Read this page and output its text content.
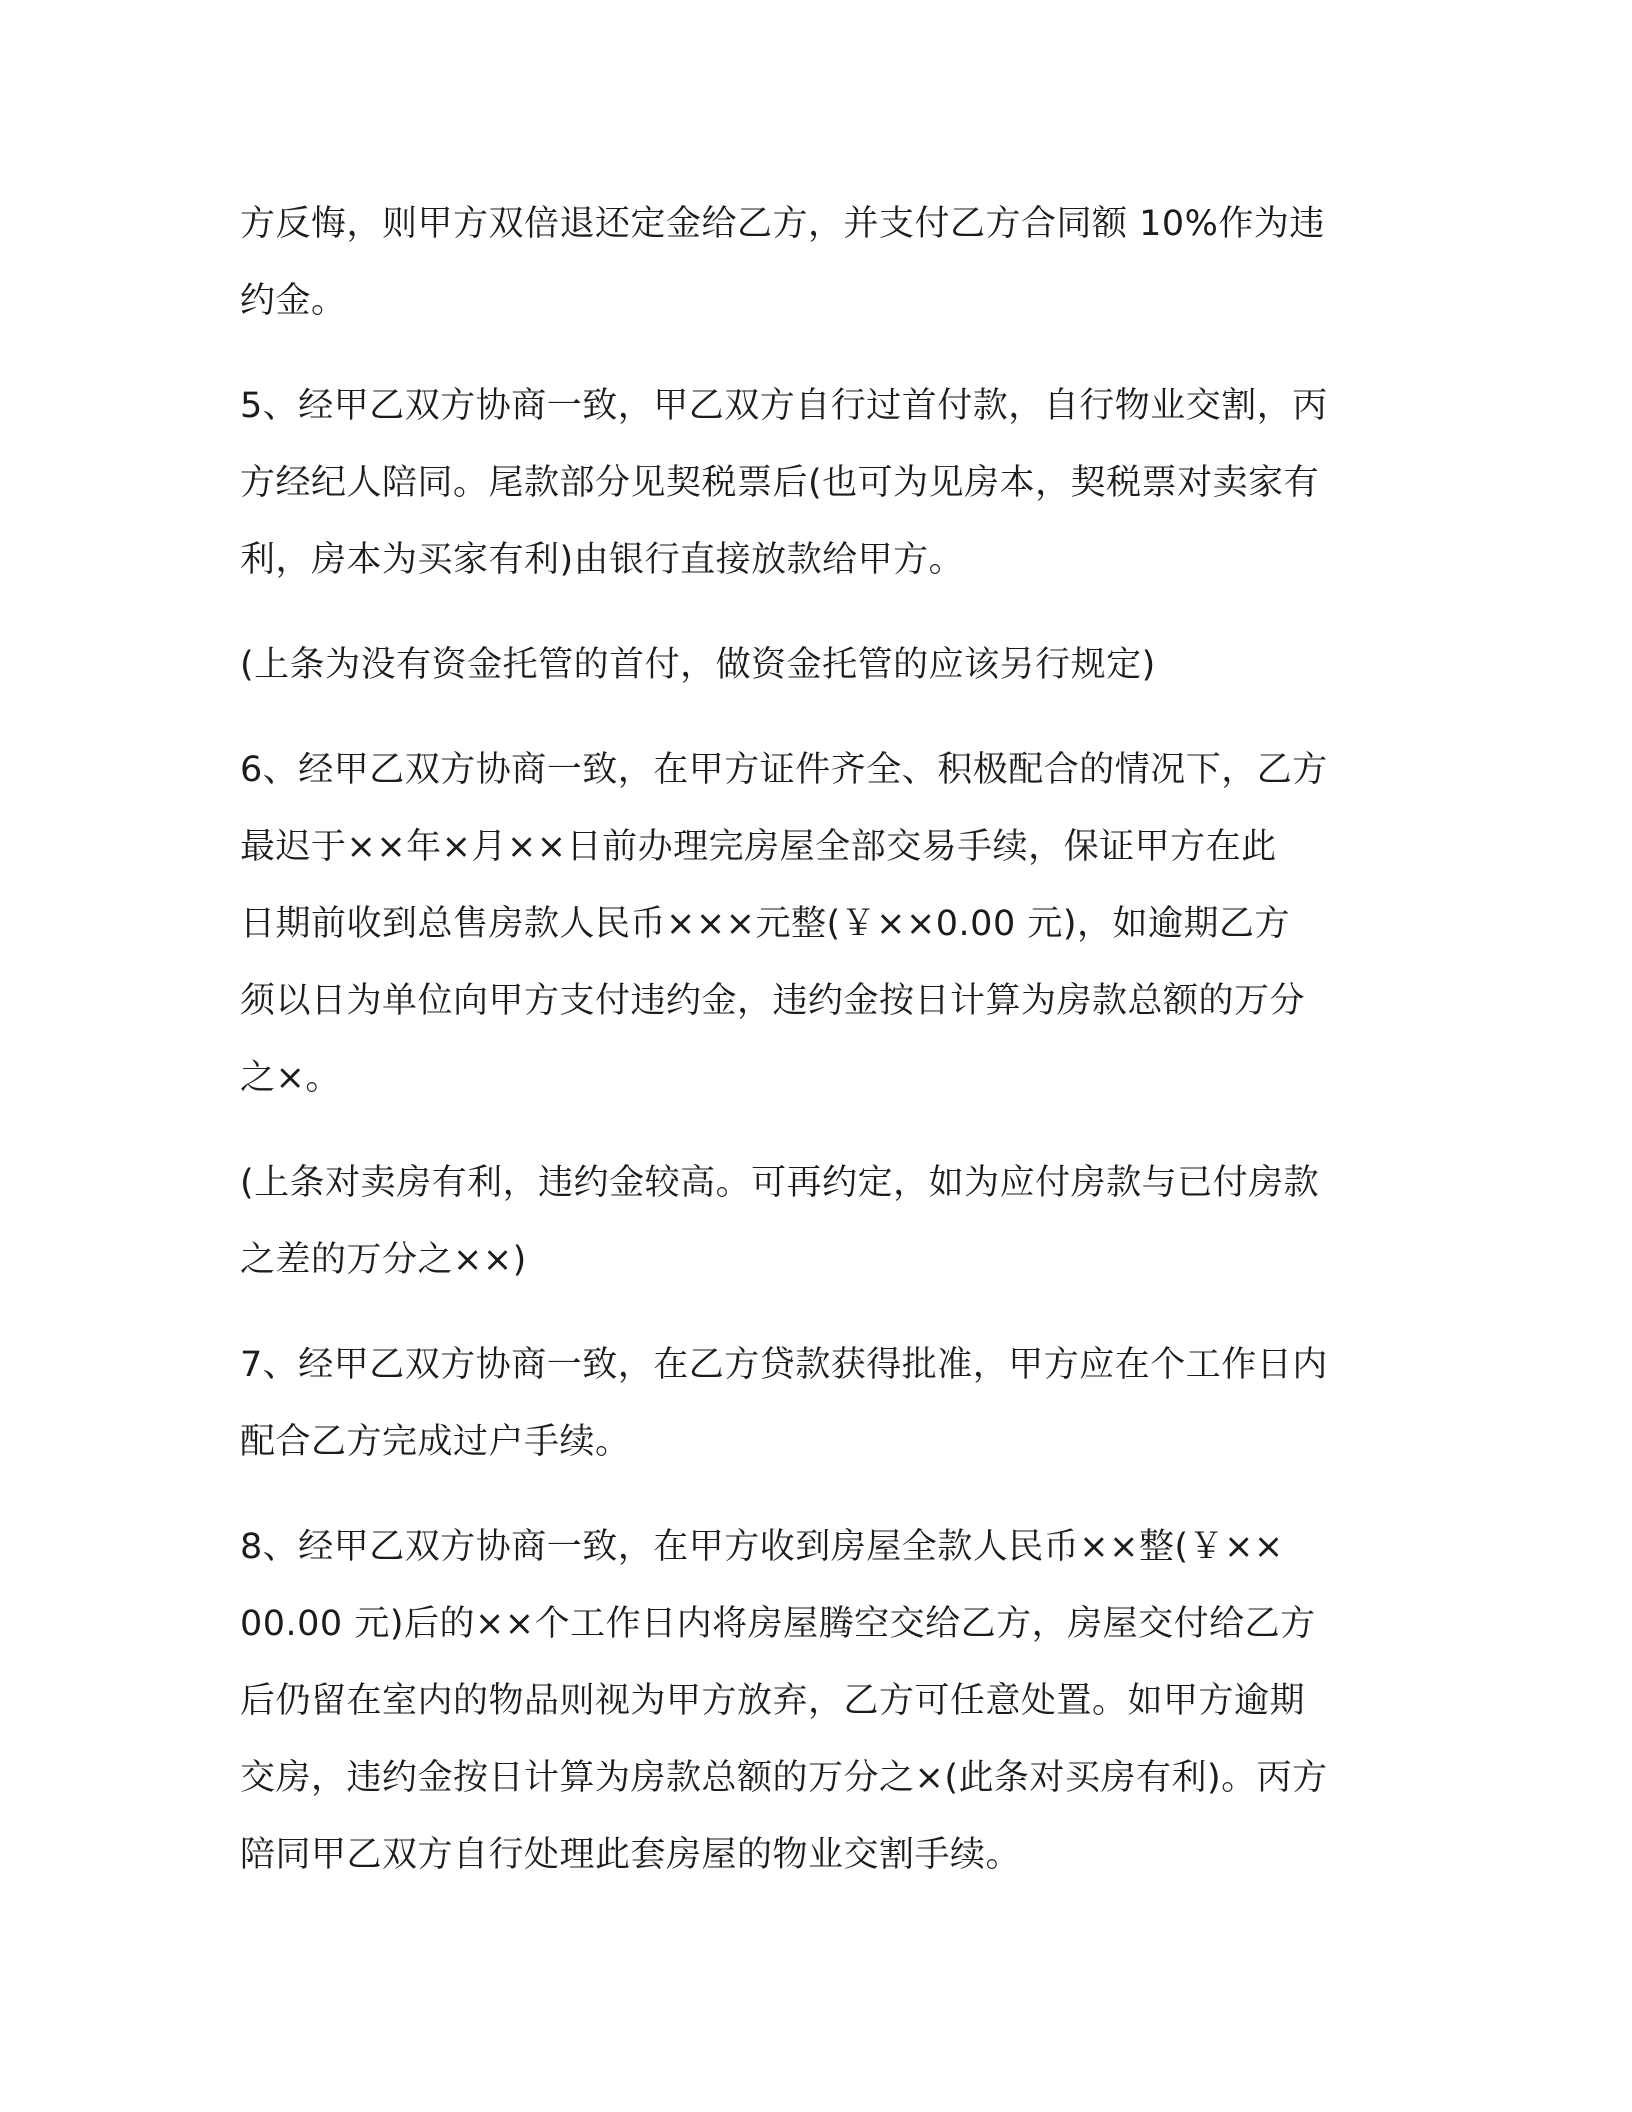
方反悔，则甲方双倍退还定金给乙方，并支付乙方合同额 10%作为违
约金。

5、经甲乙双方协商一致，甲乙双方自行过首付款，自行物业交割，丙
方经纪人陪同。尾款部分见契税票后(也可为见房本，契税票对卖家有
利，房本为买家有利)由银行直接放款给甲方。

(上条为没有资金托管的首付，做资金托管的应该另行规定)

6、经甲乙双方协商一致，在甲方证件齐全、积极配合的情况下，乙方
最迟于××年×月××日前办理完房屋全部交易手续，保证甲方在此
日期前收到总售房款人民币×××元整(￥××0.00 元)，如逾期乙方
须以日为单位向甲方支付违约金，违约金按日计算为房款总额的万分
之×。

(上条对卖房有利，违约金较高。可再约定，如为应付房款与已付房款
之差的万分之××)

7、经甲乙双方协商一致，在乙方贷款获得批准，甲方应在个工作日内
配合乙方完成过户手续。

8、经甲乙双方协商一致，在甲方收到房屋全款人民币××整(￥××
00.00 元)后的××个工作日内将房屋腾空交给乙方，房屋交付给乙方
后仍留在室内的物品则视为甲方放弃，乙方可任意处置。如甲方逾期
交房，违约金按日计算为房款总额的万分之×(此条对买房有利)。丙方
陪同甲乙双方自行处理此套房屋的物业交割手续。
